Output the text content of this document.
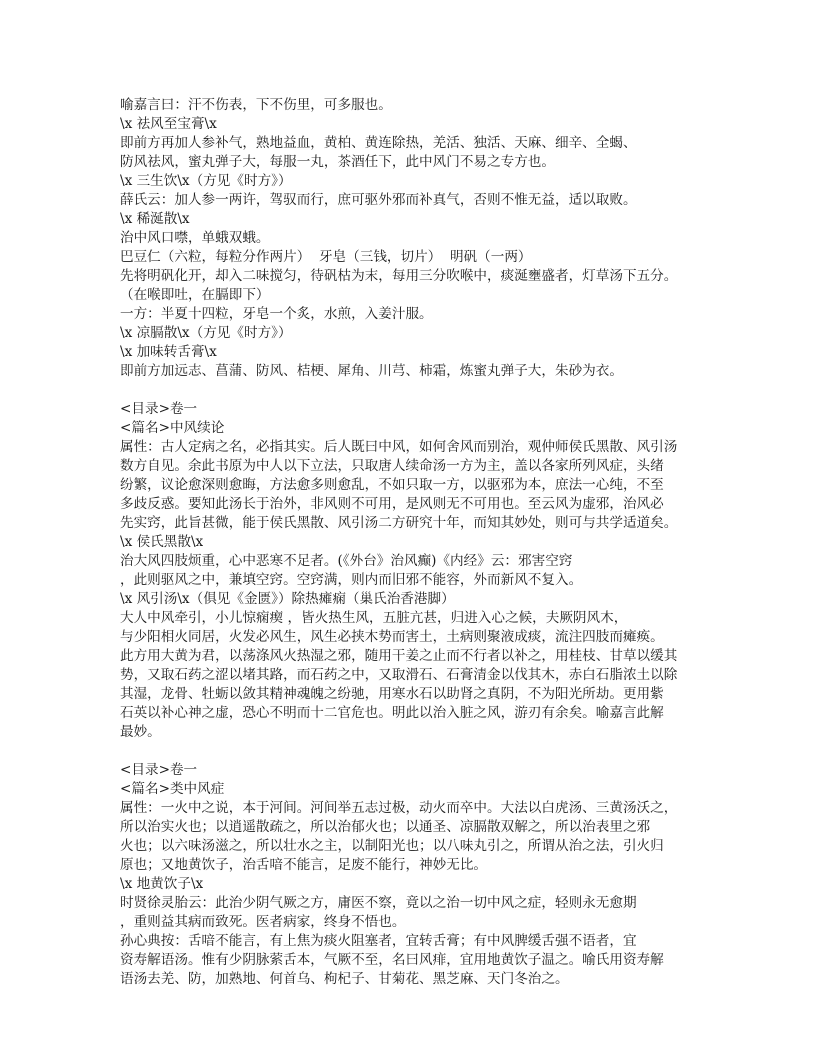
喻嘉言曰：汗不伤表，下不伤里，可多服也。
\x 祛风至宝膏\x
即前方再加人参补气，熟地益血，黄柏、黄连除热，羌活、独活、天麻、细辛、全蝎、
防风祛风，蜜丸弹子大，每服一丸，茶酒任下，此中风门不易之专方也。
\x 三生饮\x（方见《时方》）
薛氏云：加人参一两许，驾驭而行，庶可驱外邪而补真气，否则不惟无益，适以取败。
\x 稀涎散\x
治中风口噤，单蛾双蛾。
巴豆仁（六粒，每粒分作两片）  牙皂（三钱，切片）  明矾（一两）
先将明矾化开，却入二味搅匀，待矾枯为末，每用三分吹喉中，痰涎壅盛者，灯草汤下五分。
（在喉即吐，在膈即下）
一方：半夏十四粒，牙皂一个炙，水煎，入姜汁服。
\x 凉膈散\x（方见《时方》）
\x 加味转舌膏\x
即前方加远志、菖蒲、防风、桔梗、犀角、川芎、柿霜，炼蜜丸弹子大，朱砂为衣。
<目录>卷一
<篇名>中风续论
属性：古人定病之名，必指其实。后人既曰中风，如何舍风而别治，观仲师侯氏黑散、风引汤
数方自见。余此书原为中人以下立法，只取唐人续命汤一方为主，盖以各家所列风症，头绪
纷繁，议论愈深则愈晦，方法愈多则愈乱，不如只取一方，以驱邪为本，庶法一心纯，不至
多歧反惑。要知此汤长于治外，非风则不可用，是风则无不可用也。至云风为虚邪，治风必
先实窍，此旨甚微，能于侯氏黑散、风引汤二方研究十年，而知其妙处，则可与共学适道矣。
\x 侯氏黑散\x
治大风四肢烦重，心中恶寒不足者。(《外台》治风癫)《内经》云：邪害空窍
，此则驱风之中，兼填空窍。空窍满，则内而旧邪不能容，外而新风不复入。
\x 风引汤\x（俱见《金匮》）除热瘫痫（巢氏治香港脚）
大人中风牵引，小儿惊痫瘈 ，皆火热生风，五脏亢甚，归进入心之候，夫厥阴风木，
与少阳相火同居，火发必风生，风生必挟木势而害土，土病则聚液成痰，流注四肢而瘫痪。
此方用大黄为君，以荡涤风火热湿之邪，随用干姜之止而不行者以补之，用桂枝、甘草以缓其
势，又取石药之涩以堵其路，而石药之中，又取滑石、石膏清金以伐其木，赤白石脂浓土以除
其湿，龙骨、牡蛎以敛其精神魂魄之纷驰，用寒水石以助肾之真阴，不为阳光所劫。更用紫
石英以补心神之虚，恐心不明而十二官危也。明此以治入脏之风，游刃有余矣。喻嘉言此解
最妙。
<目录>卷一
<篇名>类中风症
属性：一火中之说，本于河间。河间举五志过极，动火而卒中。大法以白虎汤、三黄汤沃之，
所以治实火也；以逍遥散疏之，所以治郁火也；以通圣、凉膈散双解之，所以治表里之邪
火也；以六味汤滋之，所以壮水之主，以制阳光也；以八味丸引之，所谓从治之法，引火归
原也；又地黄饮子，治舌喑不能言，足废不能行，神妙无比。
\x 地黄饮子\x
时贤徐灵胎云：此治少阴气厥之方，庸医不察，竟以之治一切中风之症，轻则永无愈期
，重则益其病而致死。医者病家，终身不悟也。
孙心典按：舌喑不能言，有上焦为痰火阻塞者，宜转舌膏；有中风脾缓舌强不语者，宜
资寿解语汤。惟有少阴脉萦舌本，气厥不至，名曰风痱，宜用地黄饮子温之。喻氏用资寿解
语汤去羌、防，加熟地、何首乌、枸杞子、甘菊花、黑芝麻、天门冬治之。
